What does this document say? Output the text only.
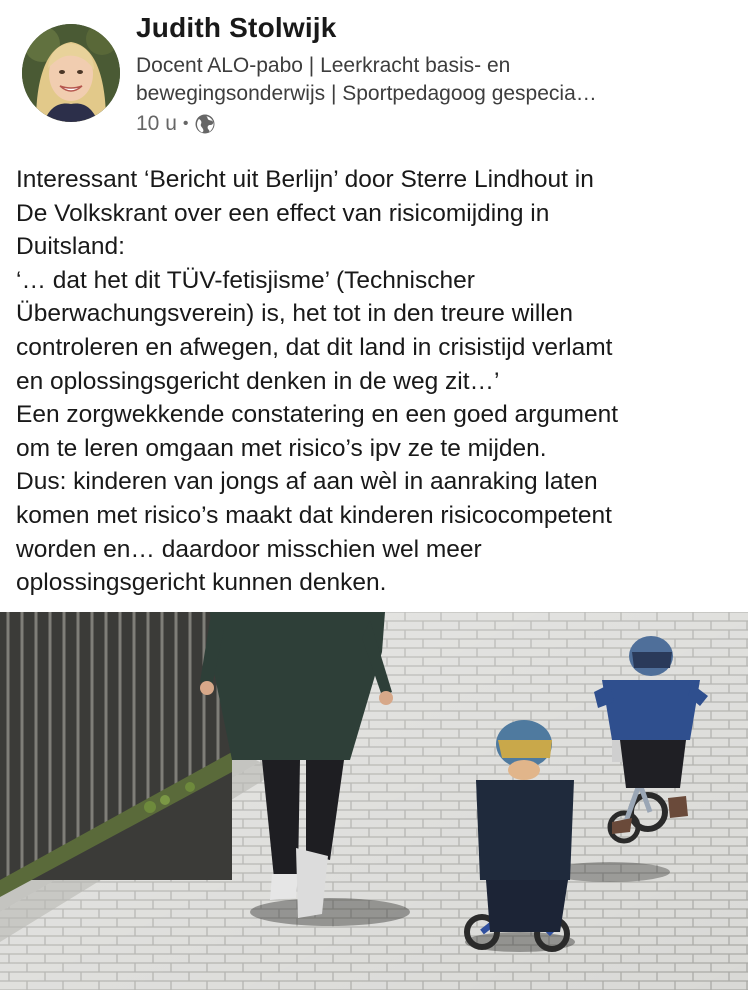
Judith Stolwijk
Docent ALO-pabo | Leerkracht basis- en
bewegingsonderwijs | Sportpedagoog gespecia…
10 u •
Interessant ‘Bericht uit Berlijn’ door Sterre Lindhout in
De Volkskrant over een effect van risicomijding in
Duitsland:
‘… dat het dit TÜV-fetisjisme’ (Technischer
Überwachungsverein) is, het tot in den treure willen
controleren en afwegen, dat dit land in crisistijd verlamt
en oplossingsgericht denken in de weg zit…’
Een zorgwekkende constatering en een goed argument
om te leren omgaan met risico’s ipv ze te mijden.
Dus: kinderen van jongs af aan wèl in aanraking laten
komen met risico’s maakt dat kinderen risicocompetent
worden en… daardoor misschien wel meer
oplossingsgericht kunnen denken.
